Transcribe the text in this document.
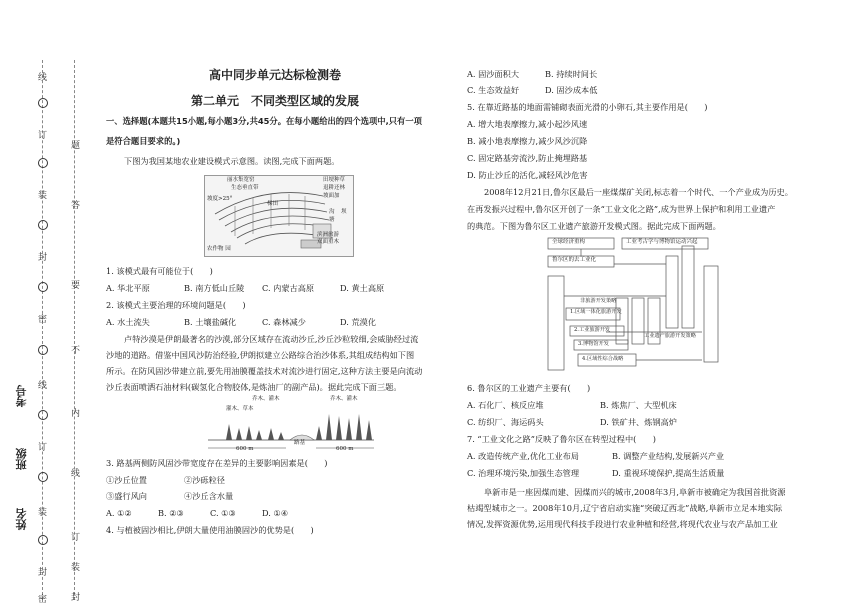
线
订
装
封
密
线
订
装
封
密
题
答
要
不
内
线
订
装
封
考号
班级
姓名
高中同步单元达标检测卷
第二单元　不同类型区域的发展
一、选择题(本题共15小题,每小题3分,共45分。在每小题给出的四个选项中,只有一项
是符合题目要求的。)
下图为我国某地农业建设模式示意图。读图,完成下面两题。
丽水集宽窑
生态垂直带
坡度>25°
田埂种草
退耕还林
梯田
坡面加
沟 坝
塘
滨洲旅游
双面重木
农作物 园
1. 该模式最有可能位于(　　)
A. 华北平原	B. 南方低山丘陵 C. 内蒙古高原	D. 黄土高原
2. 该模式主要治理的环境问题是(　　)
A. 水土流失	B. 土壤盐碱化	C. 森林减少	D. 荒漠化
卢特沙漠是伊朗最著名的沙漠,部分区域存在流动沙丘,沙丘沙粒较细,会威胁经过流
沙地的道路。借鉴中国风沙防治经验,伊朗拟建立公路综合治沙体系,其组成结构如下图
所示。在防风固沙带建立前,要先用油膜覆盖技术对流沙进行固定,这种方法主要是向流动
沙丘表面喷洒石油材料(碳氢化合物胶体,是炼油厂的副产品)。据此完成下面三题。
乔木、灌木
灌木、草本
乔木、灌木
路基
600 m	600 m
3. 路基两侧防风固沙带宽度存在差异的主要影响因素是(　　)
①沙丘位置	②沙砾粒径
③盛行风向	④沙丘含水量
A. ①②	B. ②③	C. ①③	D. ①④
4. 与植被固沙相比,伊朗大量使用油膜固沙的优势是(　　)
A. 固沙面积大	B. 持续时间长
C. 生态效益好	D. 固沙成本低
5. 在靠近路基的地面需铺砌表面光滑的小卵石,其主要作用是(　　)
A. 增大地表摩擦力,减小起沙风速
B. 减小地表摩擦力,减少风沙沉降
C. 固定路基旁流沙,防止掩埋路基
D. 防止沙丘的活化,减轻风沙危害
2008年12月21日,鲁尔区最后一座煤煤矿关闭,标志着一个时代、一个产业成为历史。
在再发振兴过程中,鲁尔区开创了一条“工业文化之路”,成为世界上保护和利用工业遗产
的典范。下图为鲁尔区工业遗产旅游开发模式图。据此完成下面两题。
全球经济重构	工业考古学与博物馆运动兴起
鲁尔区的去工业化
1.区域一体化旅游开发
2.工业旅游开发
3.博物馆开发
4.区域性综合战略
工业遗产旅游开发策略
非旅游开发策略
6. 鲁尔区的工业遗产主要有(　　)
A. 石化厂、核反应堆	B. 炼焦厂、大型机床
C. 纺织厂、海运码头	D. 铁矿井、炼钢高炉
7. “工业文化之路”反映了鲁尔区在转型过程中(　　)
A. 改造传统产业,优化工业布局	B. 调整产业结构,发展新兴产业
C. 治理环境污染,加强生态管理	D. 重视环境保护,提高生活质量
阜新市是一座因煤而建、因煤而兴的城市,2008年3月,阜新市被确定为我国首批资源
枯竭型城市之一。2008年10月,辽宁省启动实施“突破辽西北”战略,阜新市立足本地实际
情况,发挥资源优势,运用现代科技手段进行农业种植和经营,将现代农业与农产品加工业
